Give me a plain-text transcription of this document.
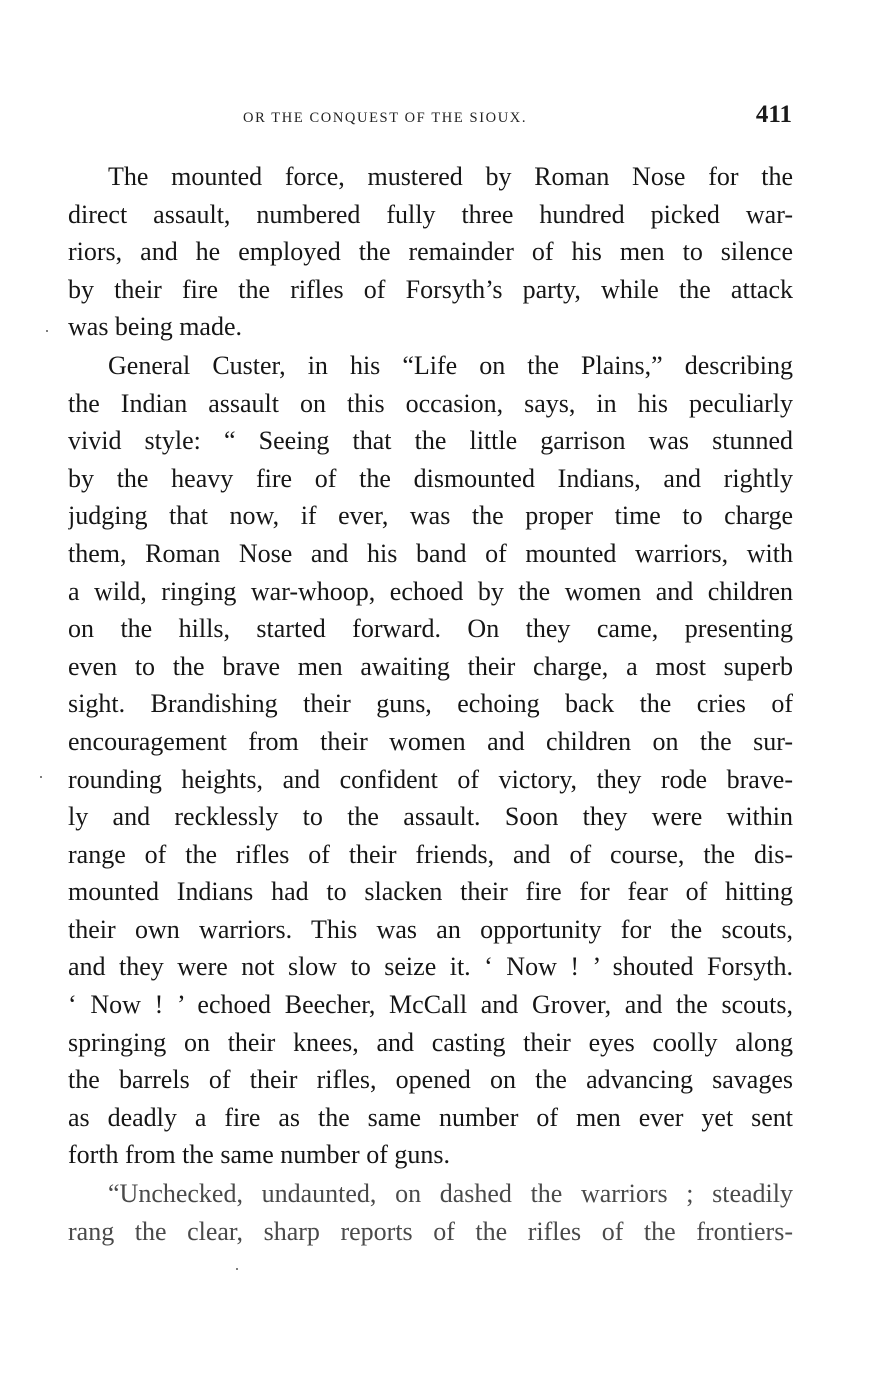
OR THE CONQUEST OF THE SIOUX.	411
The mounted force, mustered by Roman Nose for the
direct assault, numbered fully three hundred picked war-
riors, and he employed the remainder of his men to silence
by their fire the rifles of Forsyth’s party, while the attack
was being made.
General Custer, in his “Life on the Plains,” describing
the Indian assault on this occasion, says, in his peculiarly
vivid style: “ Seeing that the little garrison was stunned
by the heavy fire of the dismounted Indians, and rightly
judging that now, if ever, was the proper time to charge
them, Roman Nose and his band of mounted warriors, with
a wild, ringing war-whoop, echoed by the women and children
on the hills, started forward. On they came, presenting
even to the brave men awaiting their charge, a most superb
sight. Brandishing their guns, echoing back the cries of
encouragement from their women and children on the sur-
rounding heights, and confident of victory, they rode brave-
ly and recklessly to the assault. Soon they were within
range of the rifles of their friends, and of course, the dis-
mounted Indians had to slacken their fire for fear of hitting
their own warriors. This was an opportunity for the scouts,
and they were not slow to seize it. ‘ Now ! ’ shouted Forsyth.
‘ Now ! ’ echoed Beecher, McCall and Grover, and the scouts,
springing on their knees, and casting their eyes coolly along
the barrels of their rifles, opened on the advancing savages
as deadly a fire as the same number of men ever yet sent
forth from the same number of guns.
“Unchecked, undaunted, on dashed the warriors ; steadily
rang the clear, sharp reports of the rifles of the frontiers-
